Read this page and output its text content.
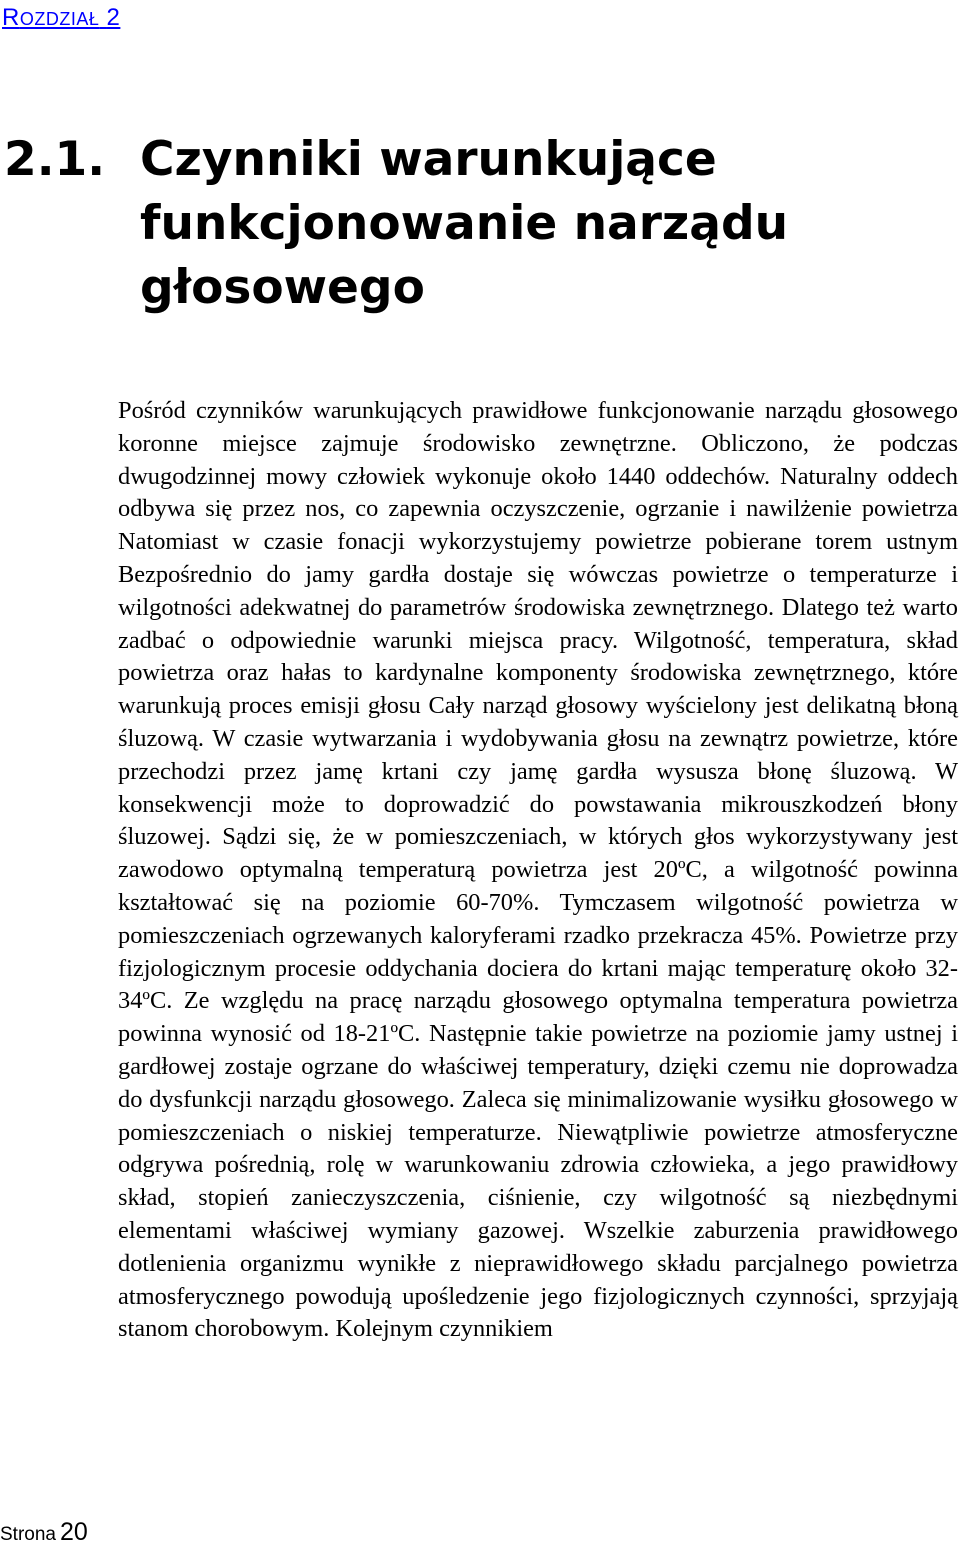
ROZDZIAŁ 2
2.1. Czynniki warunkujące
funkcjonowanie narządu
głosowego

Pośród czynników warunkujących prawidłowe funkcjonowanie narządu głosowego koronne miejsce zajmuje środowisko zewnętrzne. Obliczono, że podczas dwugodzinnej mowy człowiek wykonuje około 1440 oddechów. Naturalny oddech odbywa się przez nos, co zapewnia oczyszczenie, ogrzanie i nawilżenie powietrza Natomiast w czasie fonacji wykorzystujemy powietrze pobierane torem ustnym Bezpośrednio do jamy gardła dostaje się wówczas powietrze o temperaturze i wilgotności adekwatnej do parametrów środowiska zewnętrznego. Dlatego też warto zadbać o odpowiednie warunki miejsca pracy. Wilgotność, temperatura, skład powietrza oraz hałas to kardynalne komponenty środowiska zewnętrznego, które warunkują proces emisji głosu Cały narząd głosowy wyścielony jest delikatną błoną śluzową. W czasie wytwarzania i wydobywania głosu na zewnątrz powietrze, które przechodzi przez jamę krtani czy jamę gardła wysusza błonę śluzową. W konsekwencji może to doprowadzić do powstawania mikrouszkodzeń błony śluzowej. Sądzi się, że w pomieszczeniach, w których głos wykorzystywany jest zawodowo optymalną temperaturą powietrza jest 20ºC, a wilgotność powinna kształtować się na poziomie 60-70%. Tymczasem wilgotność powietrza w pomieszczeniach ogrzewanych kaloryferami rzadko przekracza 45%. Powietrze przy fizjologicznym procesie oddychania dociera do krtani mając temperaturę około 32-34ºC. Ze względu na pracę narządu głosowego optymalna temperatura powietrza powinna wynosić od 18-21ºC. Następnie takie powietrze na poziomie jamy ustnej i gardłowej zostaje ogrzane do właściwej temperatury, dzięki czemu nie doprowadza do dysfunkcji narządu głosowego. Zaleca się minimalizowanie wysiłku głosowego w pomieszczeniach o niskiej temperaturze. Niewątpliwie powietrze atmosferyczne odgrywa pośrednią, rolę w warunkowaniu zdrowia człowieka, a jego prawidłowy skład, stopień zanieczyszczenia, ciśnienie, czy wilgotność są niezbędnymi elementami właściwej wymiany gazowej. Wszelkie zaburzenia prawidłowego dotlenienia organizmu wynikłe z nieprawidłowego składu parcjalnego powietrza atmosferycznego powodują upośledzenie jego fizjologicznych czynności, sprzyjają stanom chorobowym. Kolejnym czynnikiem

Strona 20
